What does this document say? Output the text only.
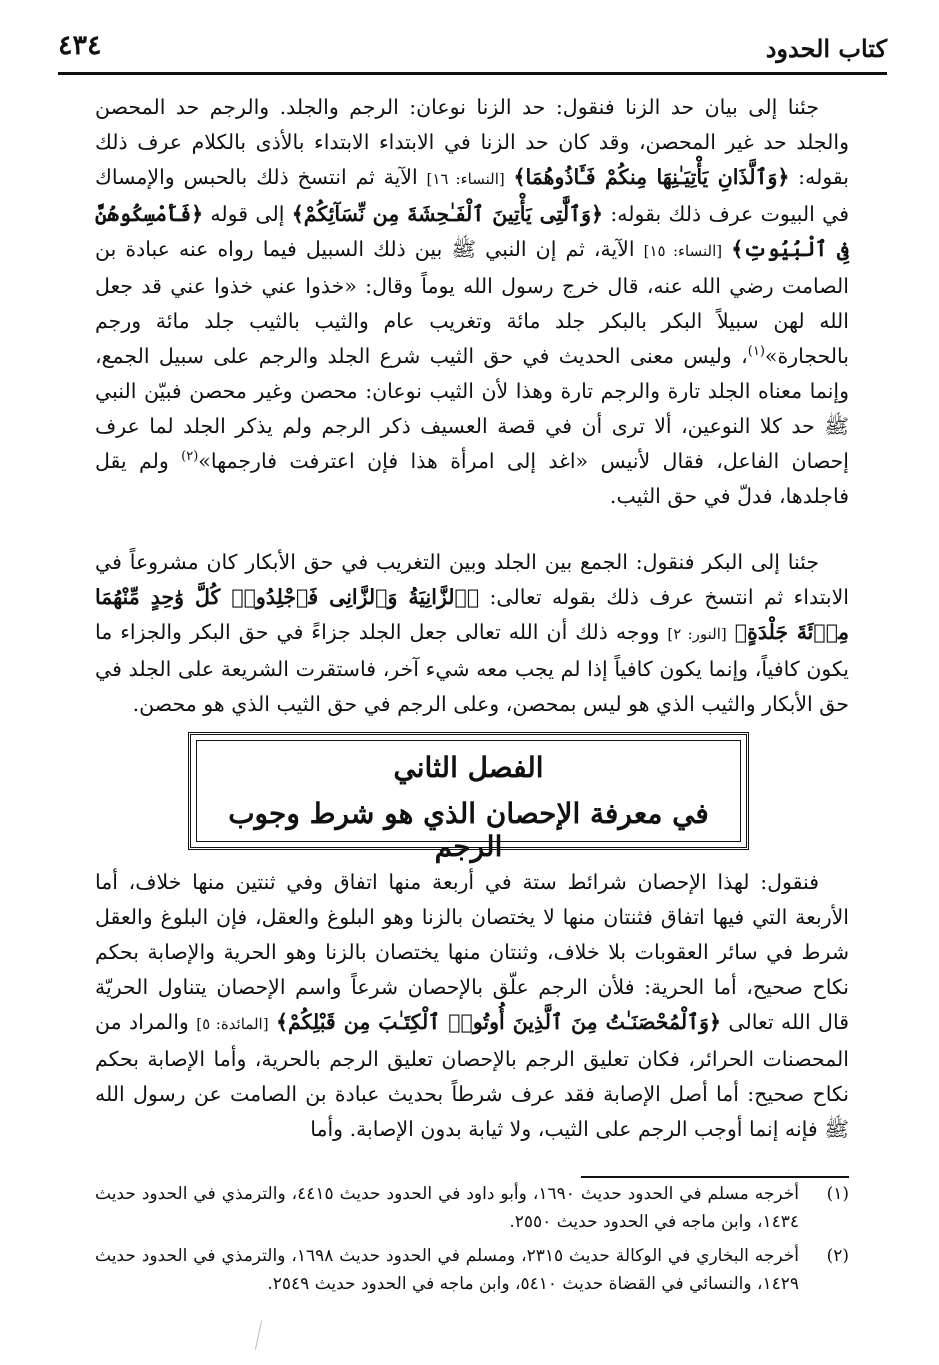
كتاب الحدود
٤٣٤

جئنا إلى بيان حد الزنا فنقول: حد الزنا نوعان: الرجم والجلد. والرجم حد المحصن والجلد حد غير المحصن، وقد كان حد الزنا في الابتداء الابتداء بالأذى بالكلام عرف ذلك بقوله: ﴿وَٱلَّذَانِ يَأْتِيَـٰنِهَا مِنكُمْ فَـَٔاذُوهُمَا﴾ [النساء: ١٦] الآية ثم انتسخ ذلك بالحبس والإمساك في البيوت عرف ذلك بقوله: ﴿وَٱلَّٰتِى يَأْتِينَ ٱلْفَـٰحِشَةَ مِن نِّسَآئِكُمْ﴾ إلى قوله ﴿فَأَمْسِكُوهُنَّ فِى ٱلْبُيُوتِ﴾ [النساء: ١٥] الآية، ثم إن النبي ﷺ بين ذلك السبيل فيما رواه عنه عبادة بن الصامت رضي الله عنه، قال خرج رسول الله يوماً وقال: «خذوا عني خذوا عني قد جعل الله لهن سبيلاً البكر بالبكر جلد مائة وتغريب عام والثيب بالثيب جلد مائة ورجم بالحجارة»$^{(١)}$، وليس معنى الحديث في حق الثيب شرع الجلد والرجم على سبيل الجمع، وإنما معناه الجلد تارة والرجم تارة وهذا لأن الثيب نوعان: محصن وغير محصن فبيّن النبي ﷺ حد كلا النوعين، ألا ترى أن في قصة العسيف ذكر الرجم ولم يذكر الجلد لما عرف إحصان الفاعل، فقال لأنيس «اغد إلى امرأة هذا فإن اعترفت فارجمها»$^{(٢)}$ ولم يقل فاجلدها، فدلّ في حق الثيب.

جئنا إلى البكر فنقول: الجمع بين الجلد وبين التغريب في حق الأبكار كان مشروعاً في الابتداء ثم انتسخ عرف ذلك بقوله تعالى: ﴿ٱلزَّانِيَةُ وَٱلزَّانِى فَٱجْلِدُوا۟ كُلَّ وَٰحِدٍ مِّنْهُمَا مِا۟ئَةَ جَلْدَةٍ﴾ [النور: ٢] ووجه ذلك أن الله تعالى جعل الجلد جزاءً في حق البكر والجزاء ما يكون كافياً، وإنما يكون كافياً إذا لم يجب معه شيء آخر، فاستقرت الشريعة على الجلد في حق الأبكار والثيب الذي هو ليس بمحصن، وعلى الرجم في حق الثيب الذي هو محصن.

الفصل الثاني
في معرفة الإحصان الذي هو شرط وجوب الرجم

فنقول: لهذا الإحصان شرائط ستة في أربعة منها اتفاق وفي ثنتين منها خلاف، أما الأربعة التي فيها اتفاق فثنتان منها لا يختصان بالزنا وهو البلوغ والعقل، فإن البلوغ والعقل شرط في سائر العقوبات بلا خلاف، وثنتان منها يختصان بالزنا وهو الحرية والإصابة بحكم نكاح صحيح، أما الحرية: فلأن الرجم علّق بالإحصان شرعاً واسم الإحصان يتناول الحريّة قال الله تعالى ﴿وَٱلْمُحْصَنَـٰتُ مِنَ ٱلَّذِينَ أُوتُوا۟ ٱلْكِتَـٰبَ مِن قَبْلِكُمْ﴾ [المائدة: ٥] والمراد من المحصنات الحرائر، فكان تعليق الرجم بالإحصان تعليق الرجم بالحرية، وأما الإصابة بحكم نكاح صحيح: أما أصل الإصابة فقد عرف شرطاً بحديث عبادة بن الصامت عن رسول الله ﷺ فإنه إنما أوجب الرجم على الثيب، ولا ثيابة بدون الإصابة. وأما

(١)
أخرجه مسلم في الحدود حديث ١٦٩٠، وأبو داود في الحدود حديث ٤٤١٥، والترمذي في الحدود حديث ١٤٣٤، وابن ماجه في الحدود حديث ٢٥٥٠.
(٢)
أخرجه البخاري في الوكالة حديث ٢٣١٥، ومسلم في الحدود حديث ١٦٩٨، والترمذي في الحدود حديث ١٤٢٩، والنسائي في القضاة حديث ٥٤١٠، وابن ماجه في الحدود حديث ٢٥٤٩.
